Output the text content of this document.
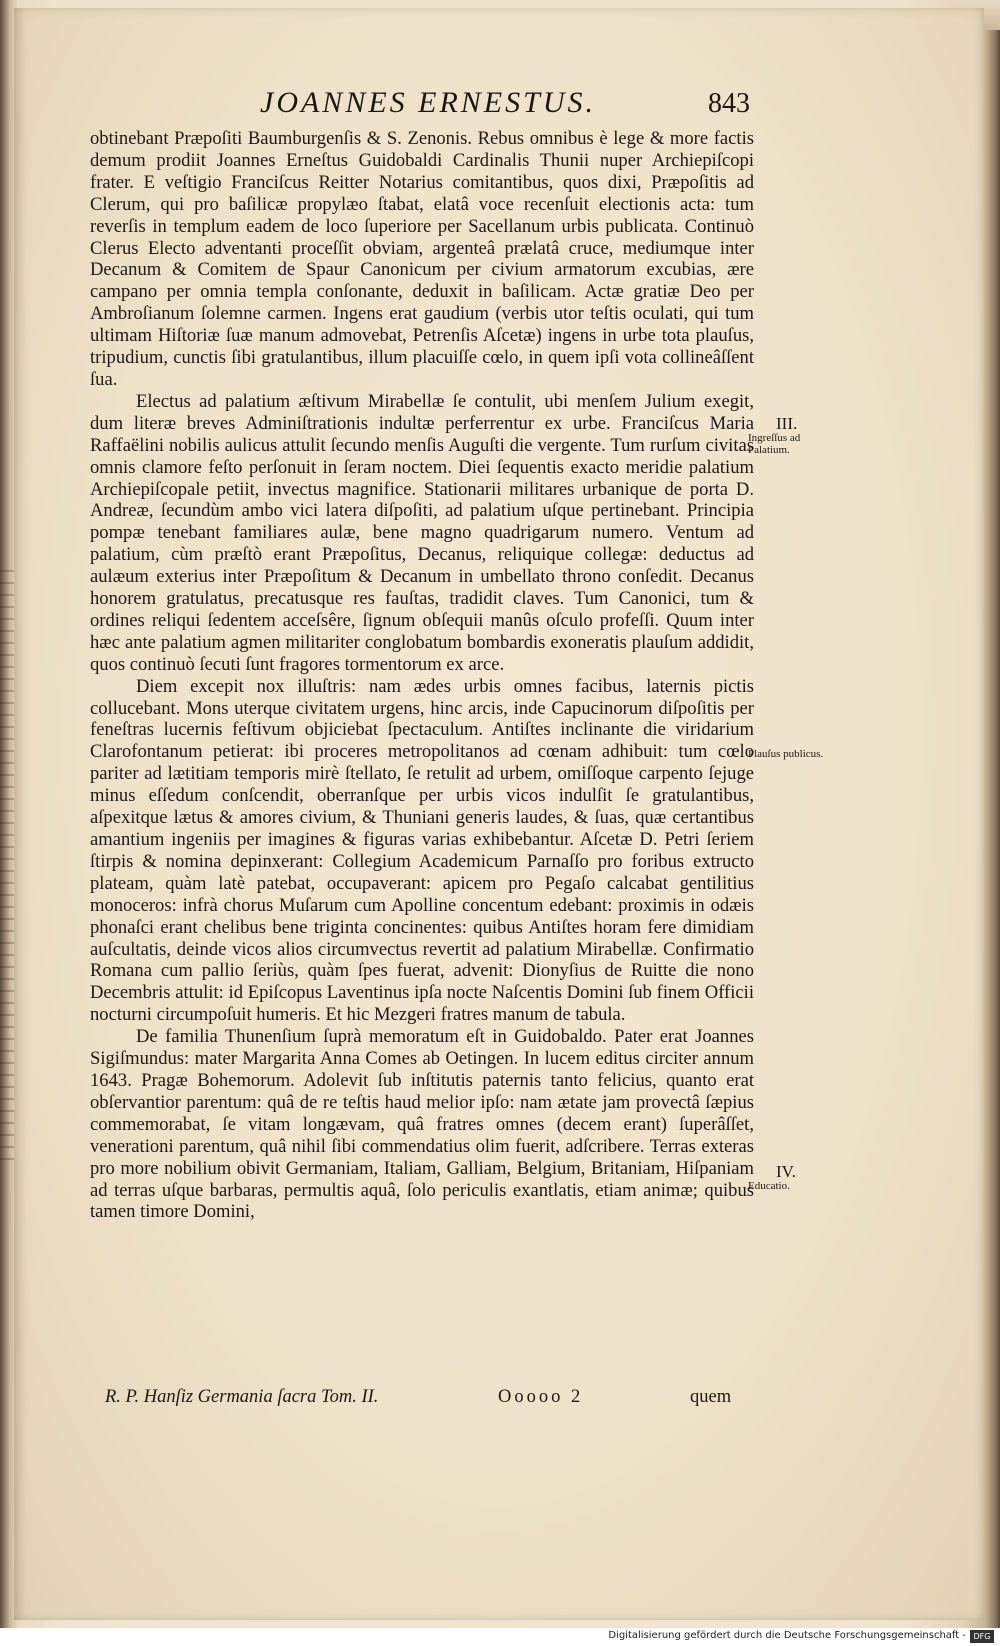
JOANNES ERNESTUS.	843

obtinebant Præpoſiti Baumburgenſis & S. Zenonis. Rebus omnibus è lege & more factis demum prodiit Joannes Erneſtus Guidobaldi Cardinalis Thunii nuper Archiepiſcopi frater. E veſtigio Franciſcus Reitter Notarius comitantibus, quos dixi, Præpoſitis ad Clerum, qui pro baſilicæ propylæo ſtabat, elatâ voce recenſuit electionis acta: tum reverſis in templum eadem de loco ſuperiore per Sacellanum urbis publicata. Continuò Clerus Electo adventanti proceſſit obviam, argenteâ prælatâ cruce, mediumque inter Decanum & Comitem de Spaur Canonicum per civium armatorum excubias, ære campano per omnia templa conſonante, deduxit in baſilicam. Actæ gratiæ Deo per Ambroſianum ſolemne carmen. Ingens erat gaudium (verbis utor teſtis oculati, qui tum ultimam Hiſtoriæ ſuæ manum admovebat, Petrenſis Aſcetæ) ingens in urbe tota plauſus, tripudium, cunctis ſibi gratulantibus, illum placuiſſe cœlo, in quem ipſi vota collineâſſent ſua.

Electus ad palatium æſtivum Mirabellæ ſe contulit, ubi menſem Julium exegit, dum literæ breves Adminiſtrationis indultæ perferrentur ex urbe. Franciſcus Maria Raffaëlini nobilis aulicus attulit ſecundo menſis Auguſti die vergente. Tum rurſum civitas omnis clamore feſto perſonuit in ſeram noctem. Diei ſequentis exacto meridie palatium Archiepiſcopale petiit, invectus magnifice. Stationarii militares urbanique de porta D. Andreæ, ſecundùm ambo vici latera diſpoſiti, ad palatium uſque pertinebant. Principia pompæ tenebant familiares aulæ, bene magno quadrigarum numero. Ventum ad palatium, cùm præſtò erant Præpoſitus, Decanus, reliquique collegæ: deductus ad aulæum exterius inter Præpoſitum & Decanum in umbellato throno conſedit. Decanus honorem gratulatus, precatusque res fauſtas, tradidit claves. Tum Canonici, tum & ordines reliqui ſedentem acceſsêre, ſignum obſequii manûs oſculo profeſſi. Quum inter hæc ante palatium agmen militariter conglobatum bombardis exoneratis plauſum addidit, quos continuò ſecuti ſunt fragores tormentorum ex arce.

Diem excepit nox illuſtris: nam ædes urbis omnes facibus, laternis pictis collucebant. Mons uterque civitatem urgens, hinc arcis, inde Capucinorum diſpoſitis per feneſtras lucernis feſtivum objiciebat ſpectaculum. Antiſtes inclinante die viridarium Clarofontanum petierat: ibi proceres metropolitanos ad cœnam adhibuit: tum cœlo pariter ad lætitiam temporis mirè ſtellato, ſe retulit ad urbem, omiſſoque carpento ſejuge minus eſſedum conſcendit, oberranſque per urbis vicos indulſit ſe gratulantibus, aſpexitque lætus & amores civium, & Thuniani generis laudes, & ſuas, quæ certantibus amantium ingeniis per imagines & figuras varias exhibebantur. Aſcetæ D. Petri ſeriem ſtirpis & nomina depinxerant: Collegium Academicum Parnaſſo pro foribus extructo plateam, quàm latè patebat, occupaverant: apicem pro Pegaſo calcabat gentilitius monoceros: infrà chorus Muſarum cum Apolline concentum edebant: proximis in odæis phonaſci erant chelibus bene triginta concinentes: quibus Antiſtes horam fere dimidiam auſcultatis, deinde vicos alios circumvectus revertit ad palatium Mirabellæ. Confirmatio Romana cum pallio ſeriùs, quàm ſpes fuerat, advenit: Dionyſius de Ruitte die nono Decembris attulit: id Epiſcopus Laventinus ipſa nocte Naſcentis Domini ſub finem Officii nocturni circumpoſuit humeris. Et hic Mezgeri fratres manum de tabula.

De familia Thunenſium ſuprà memoratum eſt in Guidobaldo. Pater erat Joannes Sigiſmundus: mater Margarita Anna Comes ab Oetingen. In lucem editus circiter annum 1643. Pragæ Bohemorum. Adolevit ſub inſtitutis paternis tanto felicius, quanto erat obſervantior parentum: quâ de re teſtis haud melior ipſo: nam ætate jam provectâ ſæpius commemorabat, ſe vitam longævam, quâ fratres omnes (decem erant) ſuperâſſet, venerationi parentum, quâ nihil ſibi commendatius olim fuerit, adſcribere. Terras exteras pro more nobilium obivit Germaniam, Italiam, Galliam, Belgium, Britaniam, Hiſpaniam ad terras uſque barbaras, permultis aquâ, ſolo periculis exantlatis, etiam animæ; quibus tamen timore Domini,

III.
Ingreſſus ad Palatium.
Plauſus publicus.
IV.
Educatio.
R. P. Hanſiz Germania ſacra Tom. II.	Ooooo 2	quem
Digitalisierung gefördert durch die Deutsche Forschungsgemeinschaft - DFG
